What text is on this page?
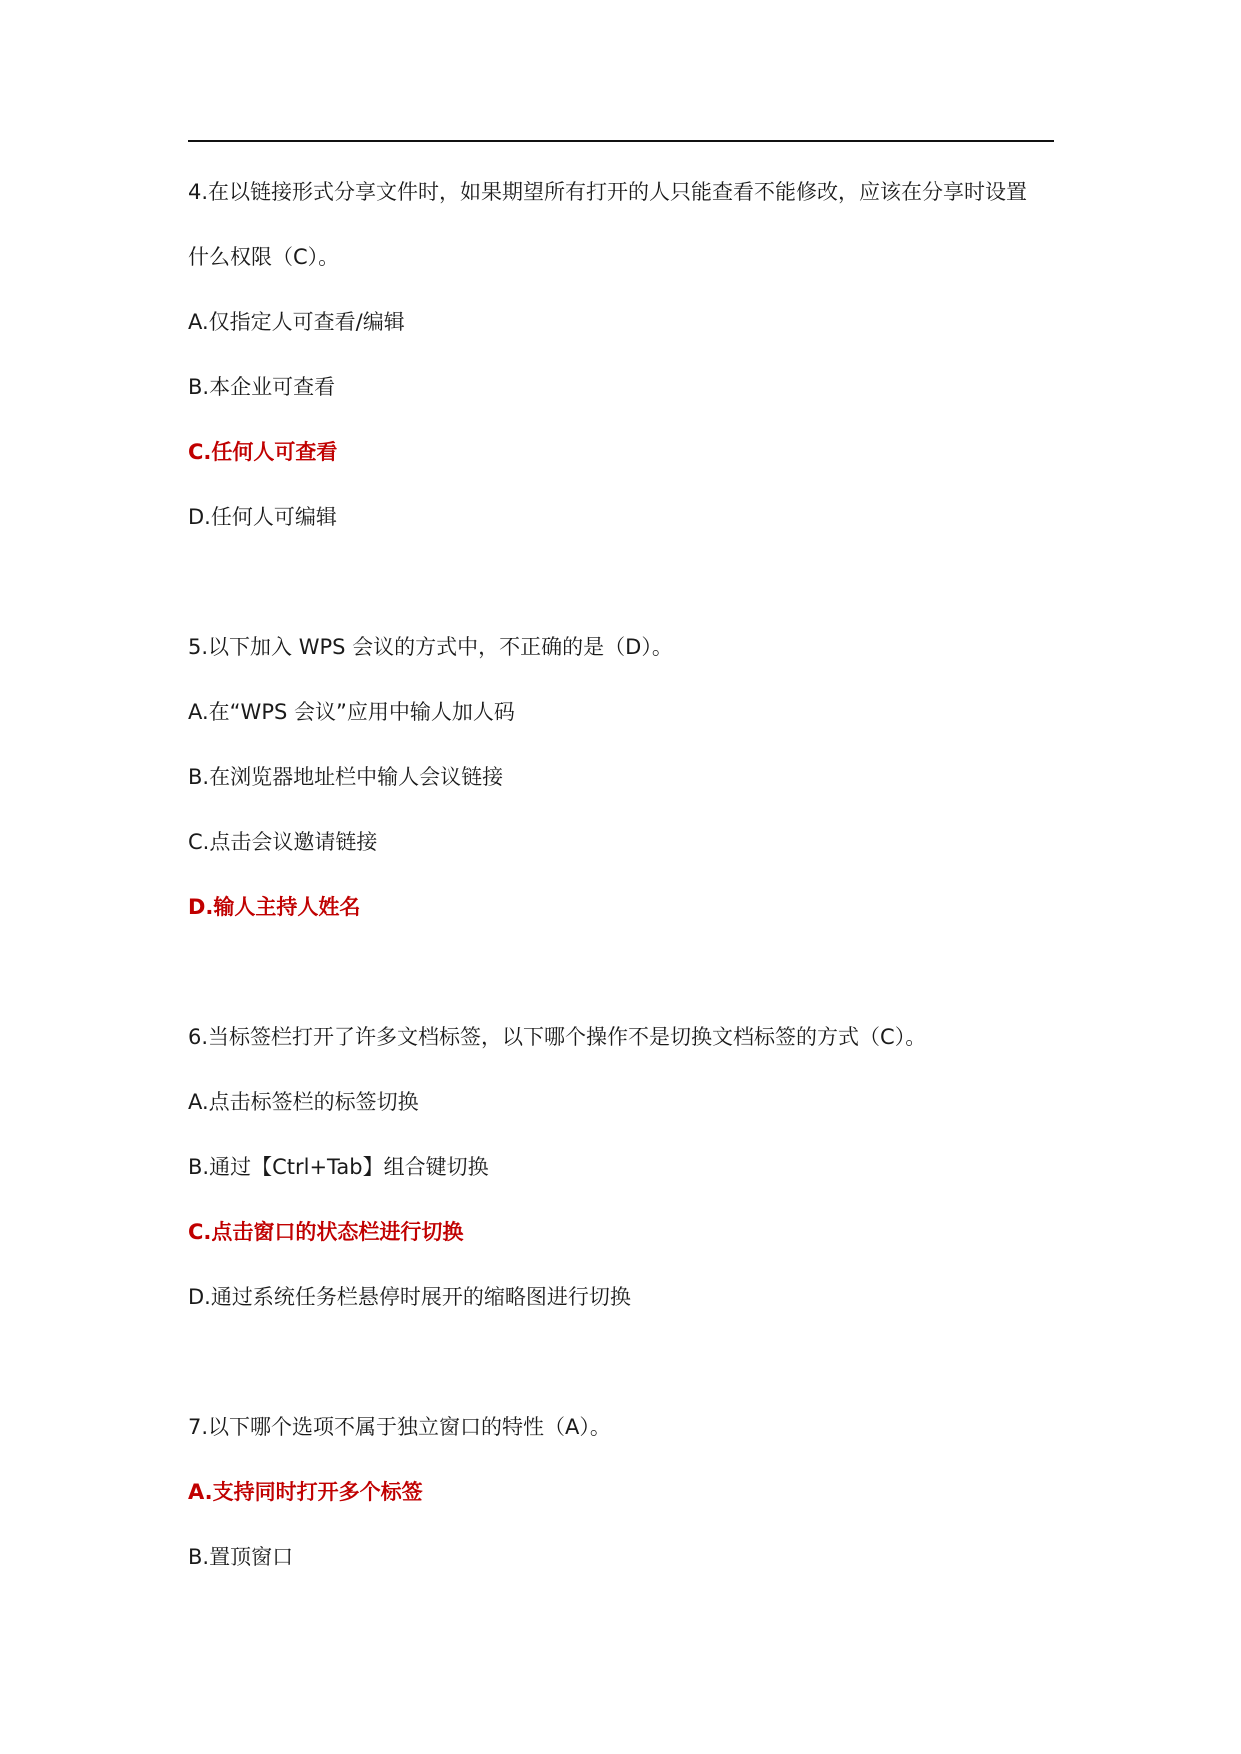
4.在以链接形式分享文件时，如果期望所有打开的人只能查看不能修改，应该在分享时设置
什么权限（C）。
A.仅指定人可查看/编辑
B.本企业可查看
C.任何人可查看
D.任何人可编辑
5.以下加入 WPS 会议的方式中，不正确的是（D）。
A.在“WPS 会议”应用中输人加人码
B.在浏览器地址栏中输人会议链接
C.点击会议邀请链接
D.输人主持人姓名
6.当标签栏打开了许多文档标签，以下哪个操作不是切换文档标签的方式（C）。
A.点击标签栏的标签切换
B.通过【Ctrl+Tab】组合键切换
C.点击窗口的状态栏进行切换
D.通过系统任务栏悬停时展开的缩略图进行切换
7.以下哪个选项不属于独立窗口的特性（A）。
A.支持同时打开多个标签
B.置顶窗口
